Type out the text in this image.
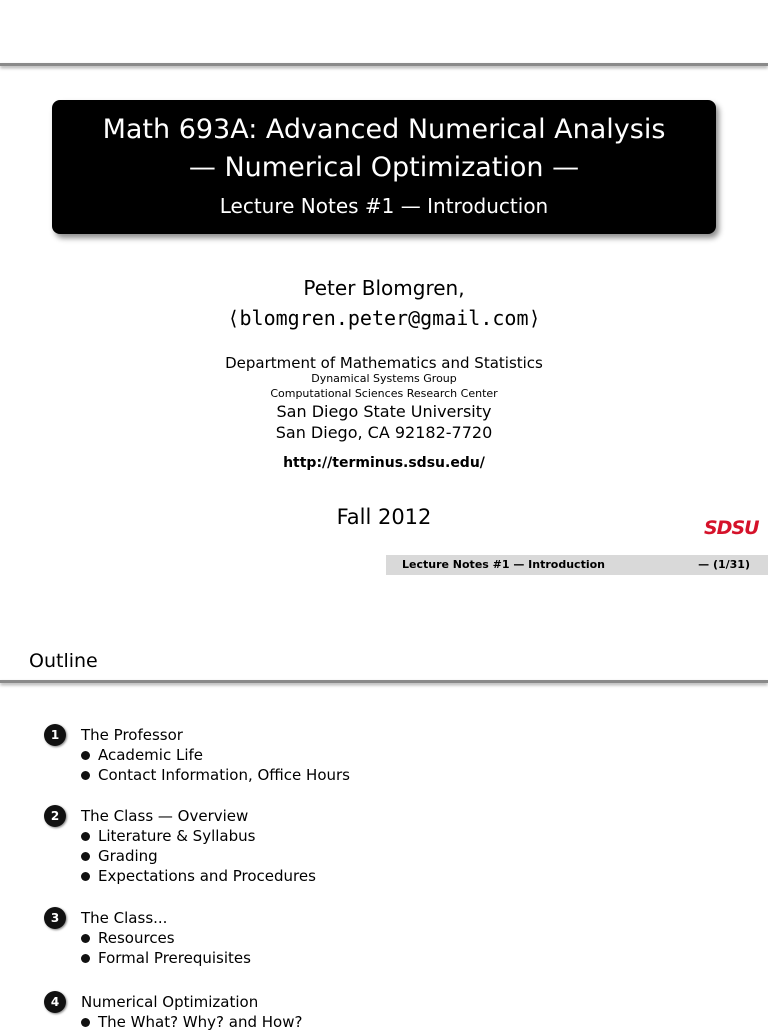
Math 693A: Advanced Numerical Analysis
— Numerical Optimization —
Lecture Notes #1 — Introduction
Peter Blomgren,
⟨blomgren.peter@gmail.com⟩
Department of Mathematics and Statistics
Dynamical Systems Group
Computational Sciences Research Center
San Diego State University
San Diego, CA 92182-7720
http://terminus.sdsu.edu/
Fall 2012	SDSU
Lecture Notes #1 — Introduction	— (1/31)
Outline
1	The Professor
Academic Life
Contact Information, Office Hours
2	The Class — Overview
Literature & Syllabus
Grading
Expectations and Procedures
3	The Class...
Resources
Formal Prerequisites
4	Numerical Optimization
The What? Why? and How?
